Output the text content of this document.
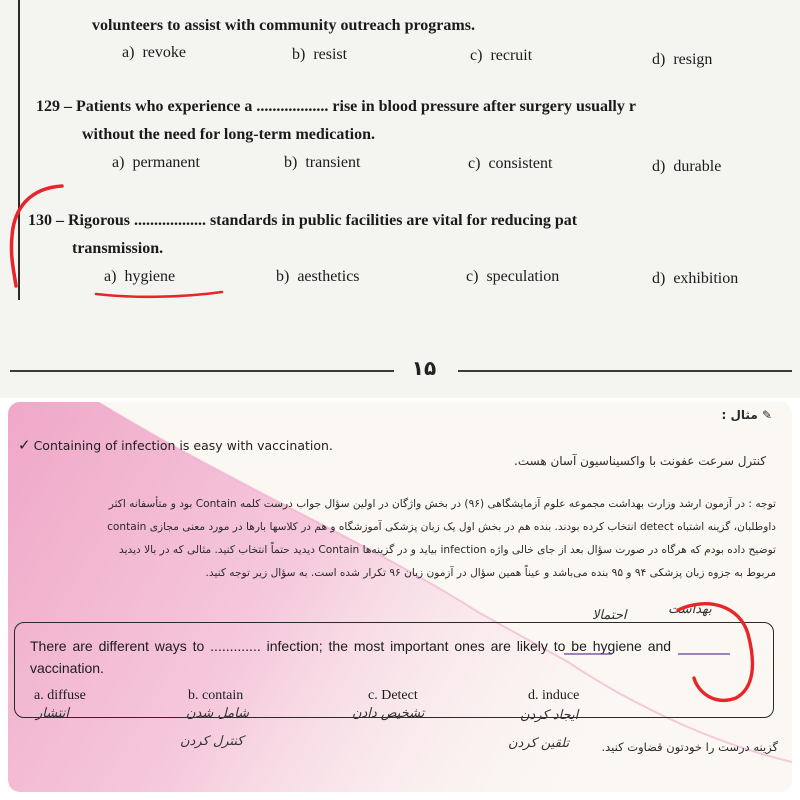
volunteers to assist with community outreach programs.
a) revoke	b) resist	c) recruit	d) resign
129 – Patients who experience a .................. rise in blood pressure after surgery usually r
without the need for long-term medication.
a) permanent	b) transient	c) consistent	d) durable
130 – Rigorous .................. standards in public facilities are vital for reducing pat
transmission.
a) hygiene	b) aesthetics	c) speculation	d) exhibition
۱۵
✎ مثال :
✓ Containing of infection is easy with vaccination.
کنترل سرعت عفونت با واکسیناسیون آسان هست.
توجه : در آزمون ارشد وزارت بهداشت مجموعه علوم آزمایشگاهی (۹۶) در بخش واژگان در اولین سؤال جواب درست کلمه Contain بود و متأسفانه اکثر
داوطلبان، گزینه اشتباه detect انتخاب کرده بودند. بنده هم در بخش اول یک زبان پزشکی آموزشگاه و هم در کلاسها بارها در مورد معنی مجازی contain
توضیح داده بودم که هرگاه در صورت سؤال بعد از جای خالی واژه infection بیاید و در گزینه‌ها Contain دیدید حتماً انتخاب کنید. مثالی که در بالا دیدید
مربوط به جزوه زبان پزشکی ۹۴ و ۹۵ بنده می‌باشد و عیناً همین سؤال در آزمون زبان ۹۶ تکرار شده است. به سؤال زیر توجه کنید.
بهداشت
احتمالا
There are different ways to ............. infection; the most important ones are likely to be hygiene and
vaccination.
a. diffuse	b. contain	c. Detect	d. induce
انتشار	شامل شدن
کنترل کردن
تشخیص دادن	ایجاد کردن
تلقین کردن	گزینه درست را خودتون قضاوت کنید.
